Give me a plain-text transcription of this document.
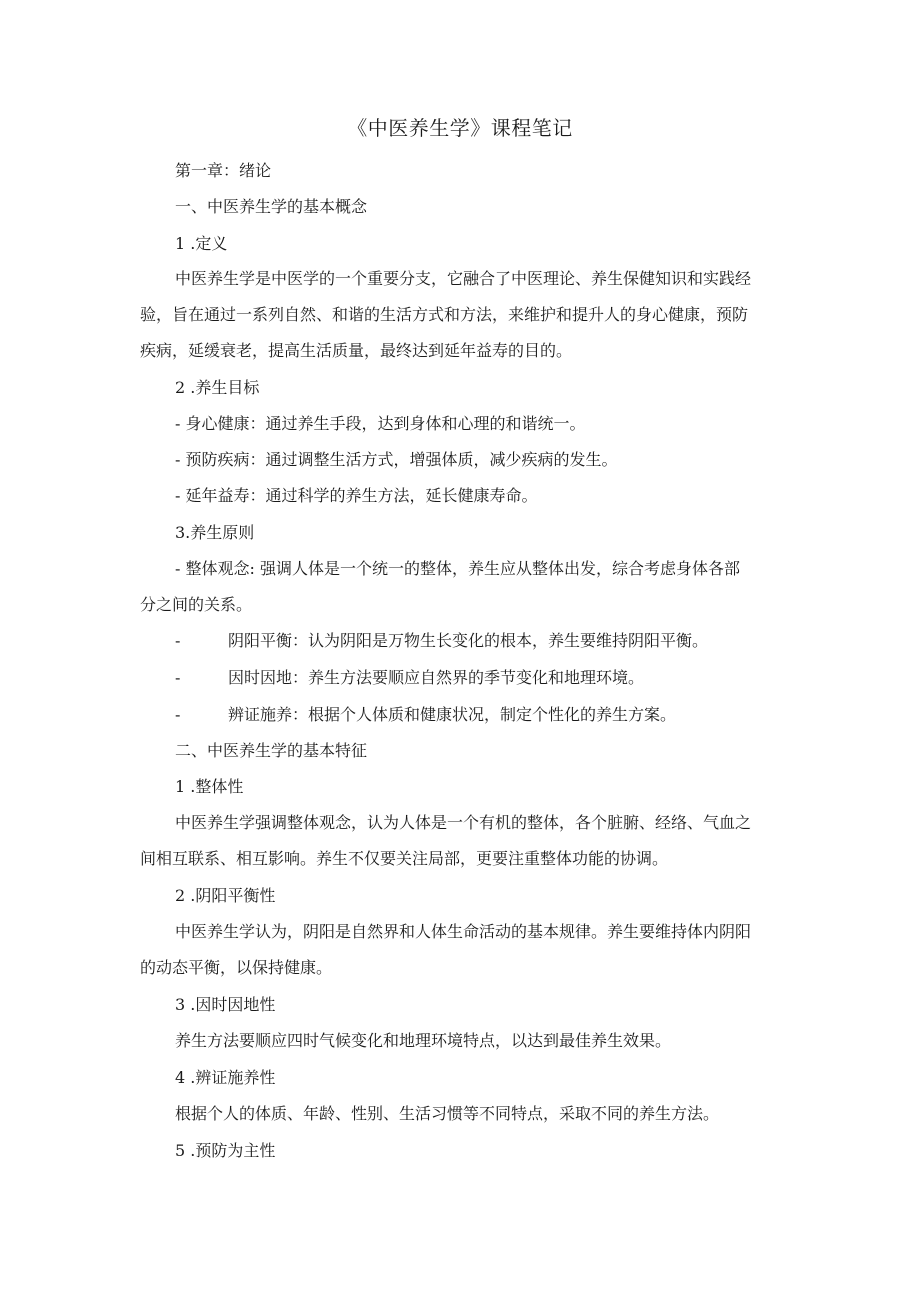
《中医养生学》课程笔记
第一章：绪论
一、中医养生学的基本概念
1 .定义
中医养生学是中医学的一个重要分支，它融合了中医理论、养生保健知识和实践经
验，旨在通过一系列自然、和谐的生活方式和方法，来维护和提升人的身心健康，预防
疾病，延缓衰老，提高生活质量，最终达到延年益寿的目的。
2 .养生目标
- 身心健康：通过养生手段，达到身体和心理的和谐统一。
- 预防疾病：通过调整生活方式，增强体质，减少疾病的发生。
- 延年益寿：通过科学的养生方法，延长健康寿命。
3.养生原则
- 整体观念: 强调人体是一个统一的整体，养生应从整体出发，综合考虑身体各部
分之间的关系。
-	阴阳平衡：认为阴阳是万物生长变化的根本，养生要维持阴阳平衡。
-	因时因地：养生方法要顺应自然界的季节变化和地理环境。
-	辨证施养：根据个人体质和健康状况，制定个性化的养生方案。
二、中医养生学的基本特征
1 .整体性
中医养生学强调整体观念，认为人体是一个有机的整体，各个脏腑、经络、气血之
间相互联系、相互影响。养生不仅要关注局部，更要注重整体功能的协调。
2 .阴阳平衡性
中医养生学认为，阴阳是自然界和人体生命活动的基本规律。养生要维持体内阴阳
的动态平衡，以保持健康。
3 .因时因地性
养生方法要顺应四时气候变化和地理环境特点，以达到最佳养生效果。
4 .辨证施养性
根据个人的体质、年龄、性别、生活习惯等不同特点，采取不同的养生方法。
5 .预防为主性
